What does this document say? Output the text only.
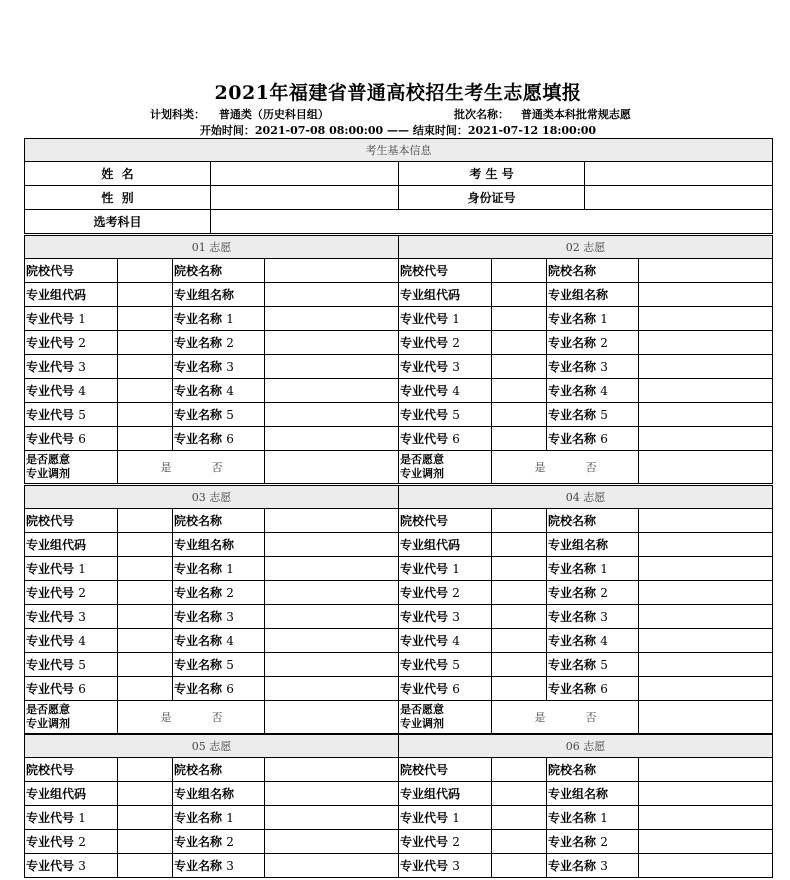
2021年福建省普通高校招生考生志愿填报
计划科类： 普通类（历史科目组）	批次名称： 普通类本科批常规志愿
开始时间：2021-07-08 08:00:00 —— 结束时间：2021-07-12 18:00:00
考生基本信息			
姓  名		考 生 号	
性  别		身份证号	
选考科目			
01 志愿			
院校代号		院校名称	
专业组代码		专业组名称	
专业代号 1		专业名称 1	
专业代号 2		专业名称 2	
专业代号 3		专业名称 3	
专业代号 4		专业名称 4	
专业代号 5		专业名称 5	
专业代号 6		专业名称 6	
是否愿意
专业调剂	是 否		
02 志愿			
院校代号		院校名称	
专业组代码		专业组名称	
专业代号 1		专业名称 1	
专业代号 2		专业名称 2	
专业代号 3		专业名称 3	
专业代号 4		专业名称 4	
专业代号 5		专业名称 5	
专业代号 6		专业名称 6	
是否愿意
专业调剂	是 否		
03 志愿			
院校代号		院校名称	
专业组代码		专业组名称	
专业代号 1		专业名称 1	
专业代号 2		专业名称 2	
专业代号 3		专业名称 3	
专业代号 4		专业名称 4	
专业代号 5		专业名称 5	
专业代号 6		专业名称 6	
是否愿意
专业调剂	是 否		
04 志愿			
院校代号		院校名称	
专业组代码		专业组名称	
专业代号 1		专业名称 1	
专业代号 2		专业名称 2	
专业代号 3		专业名称 3	
专业代号 4		专业名称 4	
专业代号 5		专业名称 5	
专业代号 6		专业名称 6	
是否愿意
专业调剂	是 否		
05 志愿			
院校代号		院校名称	
专业组代码		专业组名称	
专业代号 1		专业名称 1	
专业代号 2		专业名称 2	
专业代号 3		专业名称 3	
06 志愿			
院校代号		院校名称	
专业组代码		专业组名称	
专业代号 1		专业名称 1	
专业代号 2		专业名称 2	
专业代号 3		专业名称 3	
